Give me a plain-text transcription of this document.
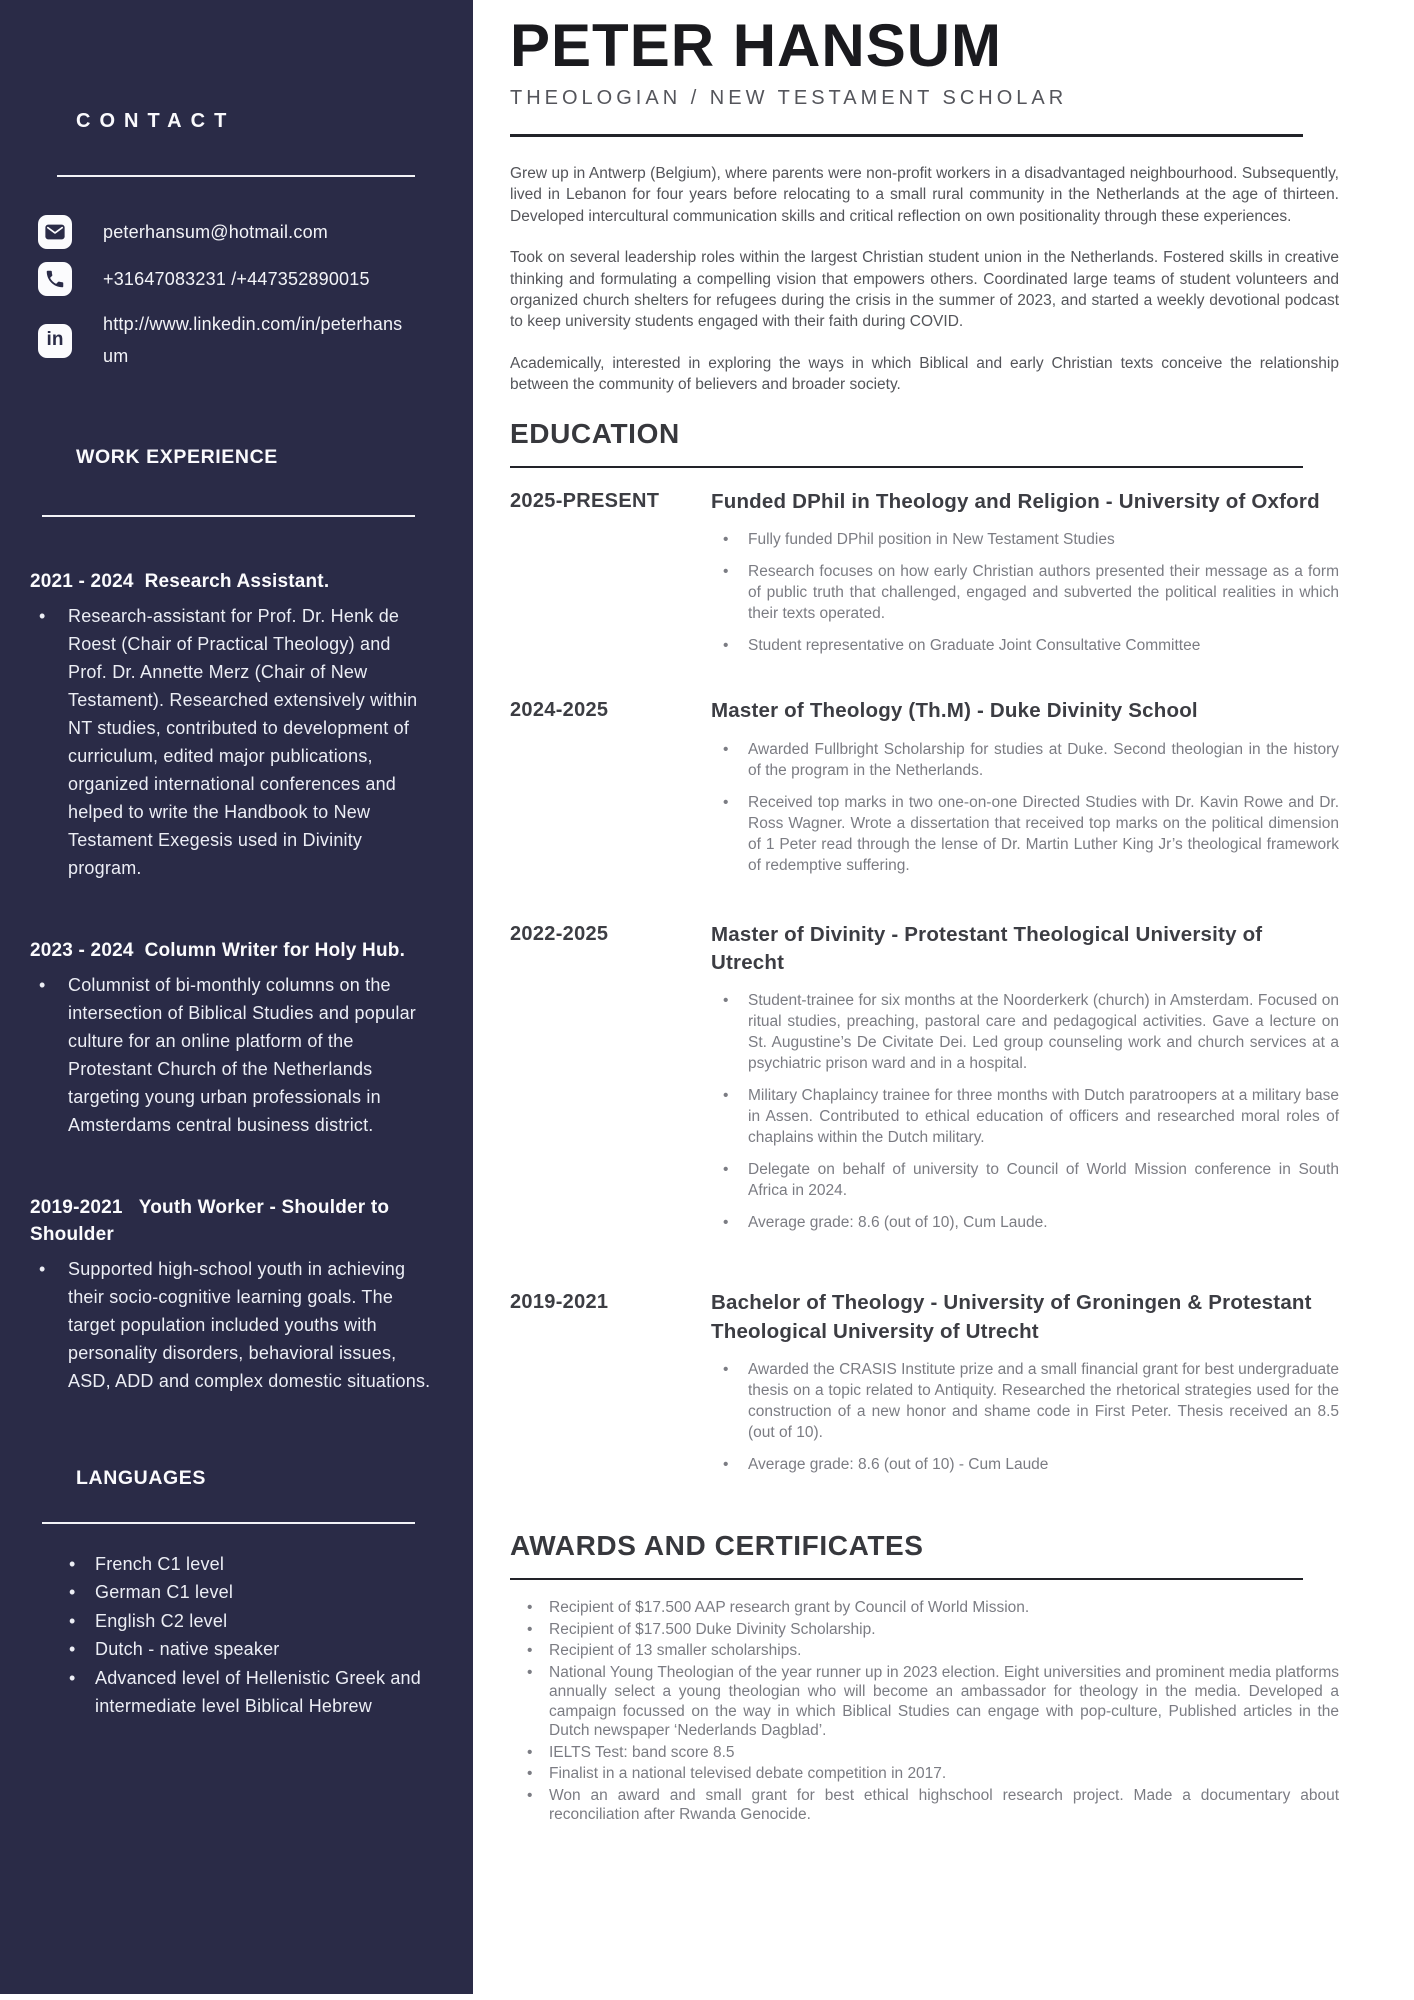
CONTACT
peterhansum@hotmail.com
+31647083231 /+447352890015
in
http://www.linkedin.com/in/peterhansum
WORK EXPERIENCE
2021 - 2024  Research Assistant.
• Research-assistant for Prof. Dr. Henk de Roest (Chair of Practical Theology) and Prof. Dr. Annette Merz (Chair of New Testament). Researched extensively within NT studies, contributed to development of curriculum, edited major publications, organized international conferences and helped to write the Handbook to New Testament Exegesis used in Divinity program.
2023 - 2024  Column Writer for Holy Hub.
• Columnist of bi-monthly columns on the intersection of Biblical Studies and popular culture for an online platform of the Protestant Church of the Netherlands targeting young urban professionals in Amsterdams central business district.
2019-2021   Youth Worker - Shoulder to Shoulder
• Supported high-school youth in achieving their socio-cognitive learning goals. The target population included youths with personality disorders, behavioral issues, ASD, ADD and complex domestic situations.
LANGUAGES
• French C1 level
• German C1 level
• English C2 level
• Dutch - native speaker
• Advanced level of Hellenistic Greek and  intermediate level Biblical Hebrew
PETER HANSUM
THEOLOGIAN / NEW TESTAMENT SCHOLAR

Grew up in Antwerp (Belgium), where parents were non-profit workers in a disadvantaged neighbourhood. Subsequently, lived in Lebanon for four years before relocating to a small rural community in the Netherlands at the age of thirteen. Developed intercultural communication skills and critical reflection on own positionality through these experiences.

Took on several leadership roles within the largest Christian student union in the Netherlands. Fostered skills in creative thinking and formulating a compelling vision that empowers others. Coordinated large teams of student volunteers and organized church shelters for refugees during the crisis in the summer of 2023, and started a weekly devotional podcast to keep university students engaged with their faith during COVID.

Academically, interested in exploring the ways in which Biblical and early Christian texts conceive the relationship between the community of believers and broader society.

EDUCATION
2025-PRESENT	Funded DPhil in Theology and Religion - University of Oxford
• Fully funded DPhil position in New Testament Studies
• Research focuses on how early Christian authors presented their message as a form of public truth that challenged, engaged and subverted the political realities in which their texts operated.
• Student representative on Graduate Joint Consultative Committee
2024-2025	Master of Theology (Th.M) - Duke Divinity School
• Awarded Fullbright Scholarship for studies at Duke. Second theologian in the history of the program in the Netherlands.
• Received top marks in two one-on-one Directed Studies with Dr. Kavin Rowe and Dr. Ross Wagner. Wrote a dissertation that received top marks on the political dimension of 1 Peter read through the lense of Dr. Martin Luther King Jr’s theological framework of redemptive suffering.
2022-2025	Master of Divinity - Protestant Theological University of Utrecht
• Student-trainee for six months at the Noorderkerk (church) in Amsterdam. Focused on ritual studies, preaching, pastoral care and pedagogical activities. Gave a lecture on St. Augustine’s De Civitate Dei. Led group counseling work and church services at a psychiatric prison ward and in a hospital.
• Military Chaplaincy trainee for three months with Dutch paratroopers at a military base in Assen. Contributed to ethical education of officers and researched moral roles of chaplains within the Dutch military.
• Delegate on behalf of university to Council of World Mission conference in South Africa in 2024.
• Average grade: 8.6 (out of 10), Cum Laude.
2019-2021	Bachelor of Theology - University of Groningen & Protestant Theological University of Utrecht
• Awarded the CRASIS Institute prize and a small financial grant for best undergraduate thesis on a topic related to Antiquity. Researched the rhetorical strategies used for the construction of a new honor and shame code in First Peter. Thesis received an 8.5 (out of 10).
• Average grade: 8.6 (out of 10) - Cum Laude
AWARDS AND CERTIFICATES
• Recipient of $17.500 AAP research grant by Council of World Mission.
• Recipient of $17.500 Duke Divinity Scholarship.
• Recipient of 13 smaller scholarships.
• National Young Theologian of the year runner up in 2023 election. Eight universities and prominent media platforms annually select a young theologian who will become an ambassador for theology in the media. Developed a campaign focussed on the way in which Biblical Studies can engage with pop-culture, Published articles in the Dutch newspaper ‘Nederlands Dagblad’.
• IELTS Test: band score 8.5
• Finalist in a national televised debate competition in 2017.
• Won an award and small grant for best ethical highschool research project. Made a documentary about reconciliation after Rwanda Genocide.
